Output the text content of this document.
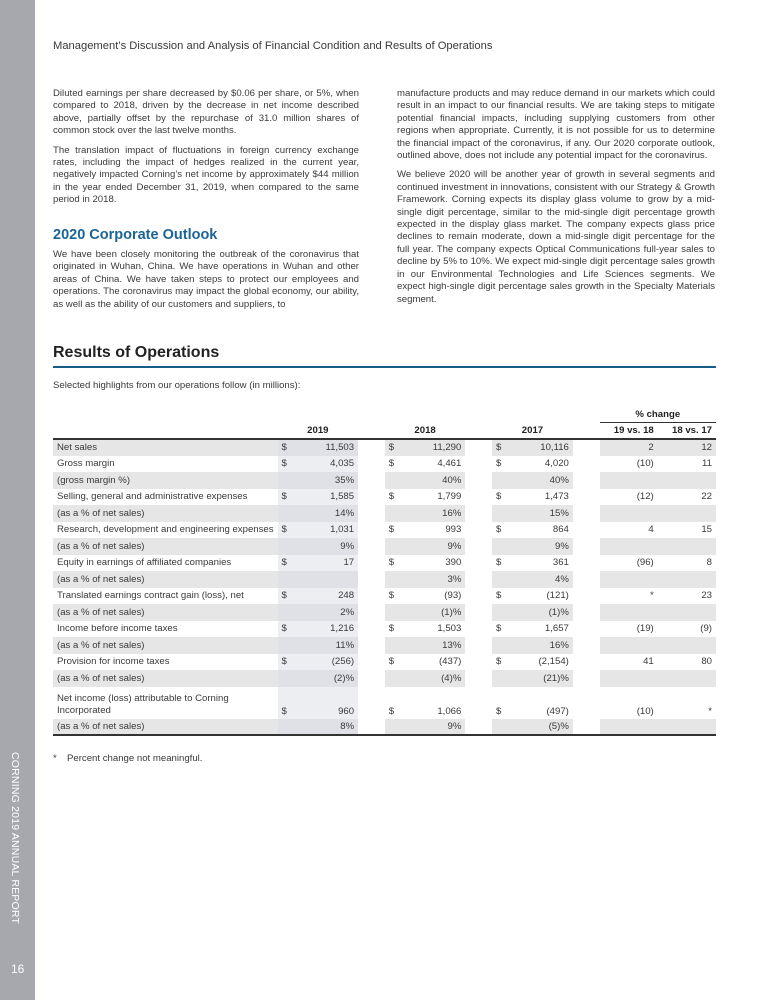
CORNING 2019 ANNUAL REPORT
16
Management’s Discussion and Analysis of Financial Condition and Results of Operations

Diluted earnings per share decreased by $0.06 per share, or 5%, when compared to 2018, driven by the decrease in net income described above, partially offset by the repurchase of 31.0 million shares of common stock over the last twelve months.

The translation impact of fluctuations in foreign currency exchange rates, including the impact of hedges realized in the current year, negatively impacted Corning’s net income by approximately $44 million in the year ended December 31, 2019, when compared to the same period in 2018.

2020 Corporate Outlook

We have been closely monitoring the outbreak of the coronavirus that originated in Wuhan, China. We have operations in Wuhan and other areas of China. We have taken steps to protect our employees and operations. The coronavirus may impact the global economy, our ability, as well as the ability of our customers and suppliers, to

manufacture products and may reduce demand in our markets which could result in an impact to our financial results. We are taking steps to mitigate potential financial impacts, including supplying customers from other regions when appropriate. Currently, it is not possible for us to determine the financial impact of the coronavirus, if any. Our 2020 corporate outlook, outlined above, does not include any potential impact for the coronavirus.

We believe 2020 will be another year of growth in several segments and continued investment in innovations, consistent with our Strategy & Growth Framework. Corning expects its display glass volume to grow by a mid-single digit percentage, similar to the mid-single digit percentage growth expected in the display glass market. The company expects glass price declines to remain moderate, down a mid-single digit percentage for the full year. The company expects Optical Communications full-year sales to decline by 5% to 10%. We expect mid-single digit percentage sales growth in our Environmental Technologies and Life Sciences segments. We expect high-single digit percentage sales growth in the Specialty Materials segment.

Results of Operations
Selected highlights from our operations follow (in millions):
										% change	
	2019			2018			2017			19 vs. 18	18 vs. 17
Net sales	$	11,503		$	11,290		$	10,116		2	12
Gross margin	$	4,035		$	4,461		$	4,020		(10)	11
(gross margin %)		35%			40%			40%			
Selling, general and administrative expenses	$	1,585		$	1,799		$	1,473		(12)	22
(as a % of net sales)		14%			16%			15%			
Research, development and engineering expenses	$	1,031		$	993		$	864		4	15
(as a % of net sales)		9%			9%			9%			
Equity in earnings of affiliated companies	$	17		$	390		$	361		(96)	8
(as a % of net sales)					3%			4%			
Translated earnings contract gain (loss), net	$	248		$	(93)		$	(121)		*	23
(as a % of net sales)		2%			(1)%			(1)%			
Income before income taxes	$	1,216		$	1,503		$	1,657		(19)	(9)
(as a % of net sales)		11%			13%			16%			
Provision for income taxes	$	(256)		$	(437)		$	(2,154)		41	80
(as a % of net sales)		(2)%			(4)%			(21)%			
Net income (loss) attributable to Corning Incorporated	$	960		$	1,066		$	(497)		(10)	*
(as a % of net sales)		8%			9%			(5)%			
* Percent change not meaningful.
